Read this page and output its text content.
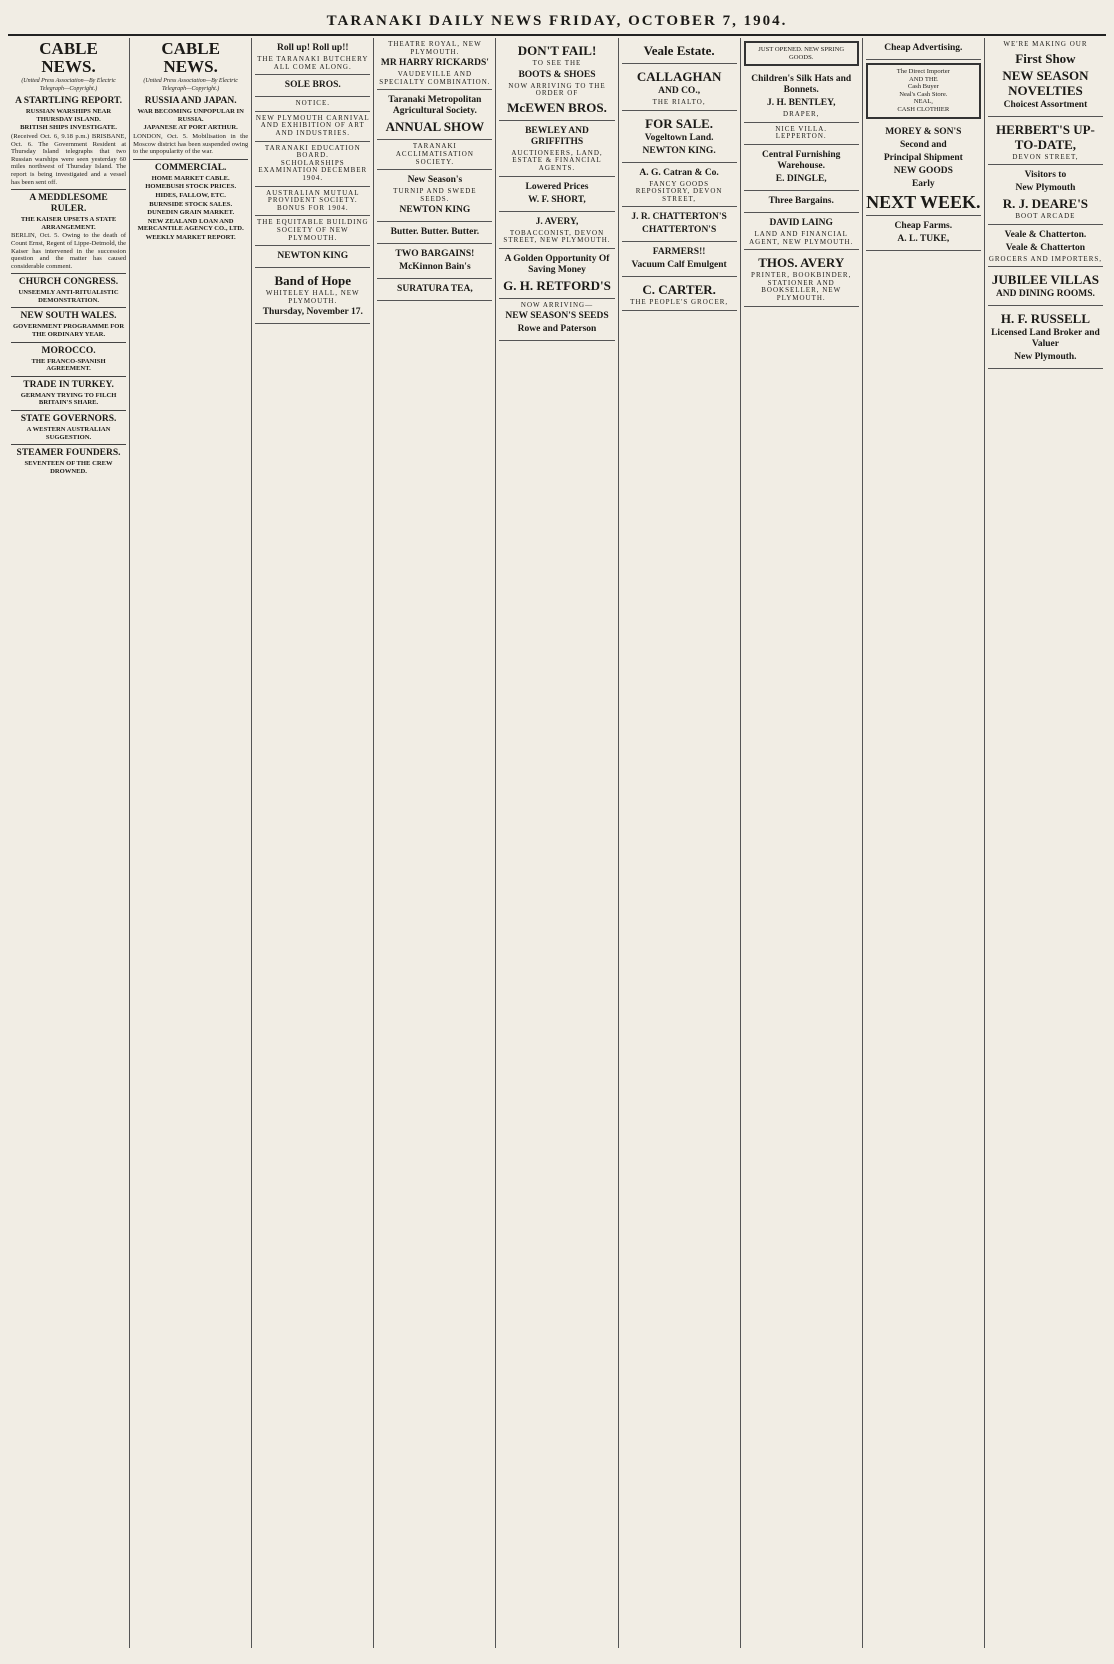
TARANAKI DAILY NEWS FRIDAY, OCTOBER 7, 1904.
CABLE NEWS.
(United Press Association—By Electric Telegraph—Copyright.)
A STARTLING REPORT.
RUSSIAN WARSHIPS NEAR THURSDAY ISLAND.
BRITISH SHIPS INVESTIGATE.

(Received Oct. 6, 9.18 p.m.) BRISBANE, Oct. 6. The Government Resident at Thursday Island telegraphs that two Russian warships were seen yesterday 60 miles northwest of Thursday Island. The report is being investigated and a vessel has been sent off.

A MEDDLESOME RULER.
THE KAISER UPSETS A STATE ARRANGEMENT.

BERLIN, Oct. 5. Owing to the death of Count Ernst, Regent of Lippe-Detmold, the Kaiser has intervened in the succession question and the matter has caused considerable comment.

CHURCH CONGRESS.
UNSEEMLY ANTI-RITUALISTIC DEMONSTRATION.
NEW SOUTH WALES.
GOVERNMENT PROGRAMME FOR THE ORDINARY YEAR.
MOROCCO.
THE FRANCO-SPANISH AGREEMENT.
TRADE IN TURKEY.
GERMANY TRYING TO FILCH BRITAIN'S SHARE.
STATE GOVERNORS.
A WESTERN AUSTRALIAN SUGGESTION.
STEAMER FOUNDERS.
SEVENTEEN OF THE CREW DROWNED.
CABLE NEWS.
(United Press Association—By Electric Telegraph—Copyright.)
RUSSIA AND JAPAN.
WAR BECOMING UNPOPULAR IN RUSSIA.
JAPANESE AT PORT ARTHUR.

LONDON, Oct. 5. Mobilisation in the Moscow district has been suspended owing to the unpopularity of the war.

COMMERCIAL.
HOME MARKET CABLE.
HOMEBUSH STOCK PRICES.
HIDES, FALLOW, ETC.
BURNSIDE STOCK SALES.
DUNEDIN GRAIN MARKET.
NEW ZEALAND LOAN AND MERCANTILE AGENCY CO., LTD.
WEEKLY MARKET REPORT.
Roll up! Roll up!!
THE TARANAKI BUTCHERY
ALL COME ALONG.
SOLE BROS.
NOTICE.
NEW PLYMOUTH CARNIVAL AND EXHIBITION OF ART AND INDUSTRIES.
TARANAKI EDUCATION BOARD.
SCHOLARSHIPS EXAMINATION DECEMBER 1904.
AUSTRALIAN MUTUAL PROVIDENT SOCIETY.
BONUS FOR 1904.
THE EQUITABLE BUILDING SOCIETY OF NEW PLYMOUTH.
NEWTON KING
Band of Hope
WHITELEY HALL, NEW PLYMOUTH.
Thursday, November 17.
THEATRE ROYAL, NEW PLYMOUTH.
MR HARRY RICKARDS'
VAUDEVILLE AND SPECIALTY COMBINATION.
Taranaki Metropolitan Agricultural Society.
ANNUAL SHOW
TARANAKI ACCLIMATISATION SOCIETY.
New Season's
TURNIP AND SWEDE SEEDS.
NEWTON KING
Butter. Butter. Butter.
TWO BARGAINS!
McKinnon Bain's
SURATURA TEA,
DON'T FAIL!
TO SEE THE
BOOTS & SHOES
NOW ARRIVING TO THE ORDER OF
McEWEN BROS.
BEWLEY AND GRIFFITHS
AUCTIONEERS, LAND, ESTATE & FINANCIAL AGENTS.
Lowered Prices
W. F. SHORT,
J. AVERY,
TOBACCONIST, DEVON STREET, NEW PLYMOUTH.
A Golden Opportunity Of Saving Money
G. H. RETFORD'S
NOW ARRIVING—
NEW SEASON'S SEEDS
Rowe and Paterson
Veale Estate.
CALLAGHAN
AND CO.,
THE RIALTO,
FOR SALE.
Vogeltown Land.
NEWTON KING.
A. G. Catran & Co.
FANCY GOODS REPOSITORY, DEVON STREET,
J. R. CHATTERTON'S
CHATTERTON'S
FARMERS!!
Vacuum Calf Emulgent
C. CARTER.
THE PEOPLE'S GROCER,
JUST OPENED. NEW SPRING GOODS.
Children's Silk Hats and Bonnets.
J. H. BENTLEY,
DRAPER,
NICE VILLA.
LEPPERTON.
Central Furnishing Warehouse.
E. DINGLE,
Three Bargains.
DAVID LAING
LAND AND FINANCIAL AGENT, NEW PLYMOUTH.
THOS. AVERY
PRINTER, BOOKBINDER, STATIONER AND BOOKSELLER, NEW PLYMOUTH.
Cheap Advertising.
The Direct Importer
AND THE
Cash Buyer
Neal's Cash Store.
NEAL,
CASH CLOTHIER
MOREY & SON'S
Second and
Principal Shipment
NEW GOODS
Early
NEXT WEEK.
Cheap Farms.
A. L. TUKE,
WE'RE MAKING OUR
First Show
NEW SEASON NOVELTIES
Choicest Assortment
HERBERT'S UP-TO-DATE,
DEVON STREET,
Visitors to
New Plymouth
R. J. DEARE'S
BOOT ARCADE
Veale & Chatterton.
Veale & Chatterton
GROCERS AND IMPORTERS,
JUBILEE VILLAS
AND DINING ROOMS.
H. F. RUSSELL
Licensed Land Broker and Valuer
New Plymouth.
